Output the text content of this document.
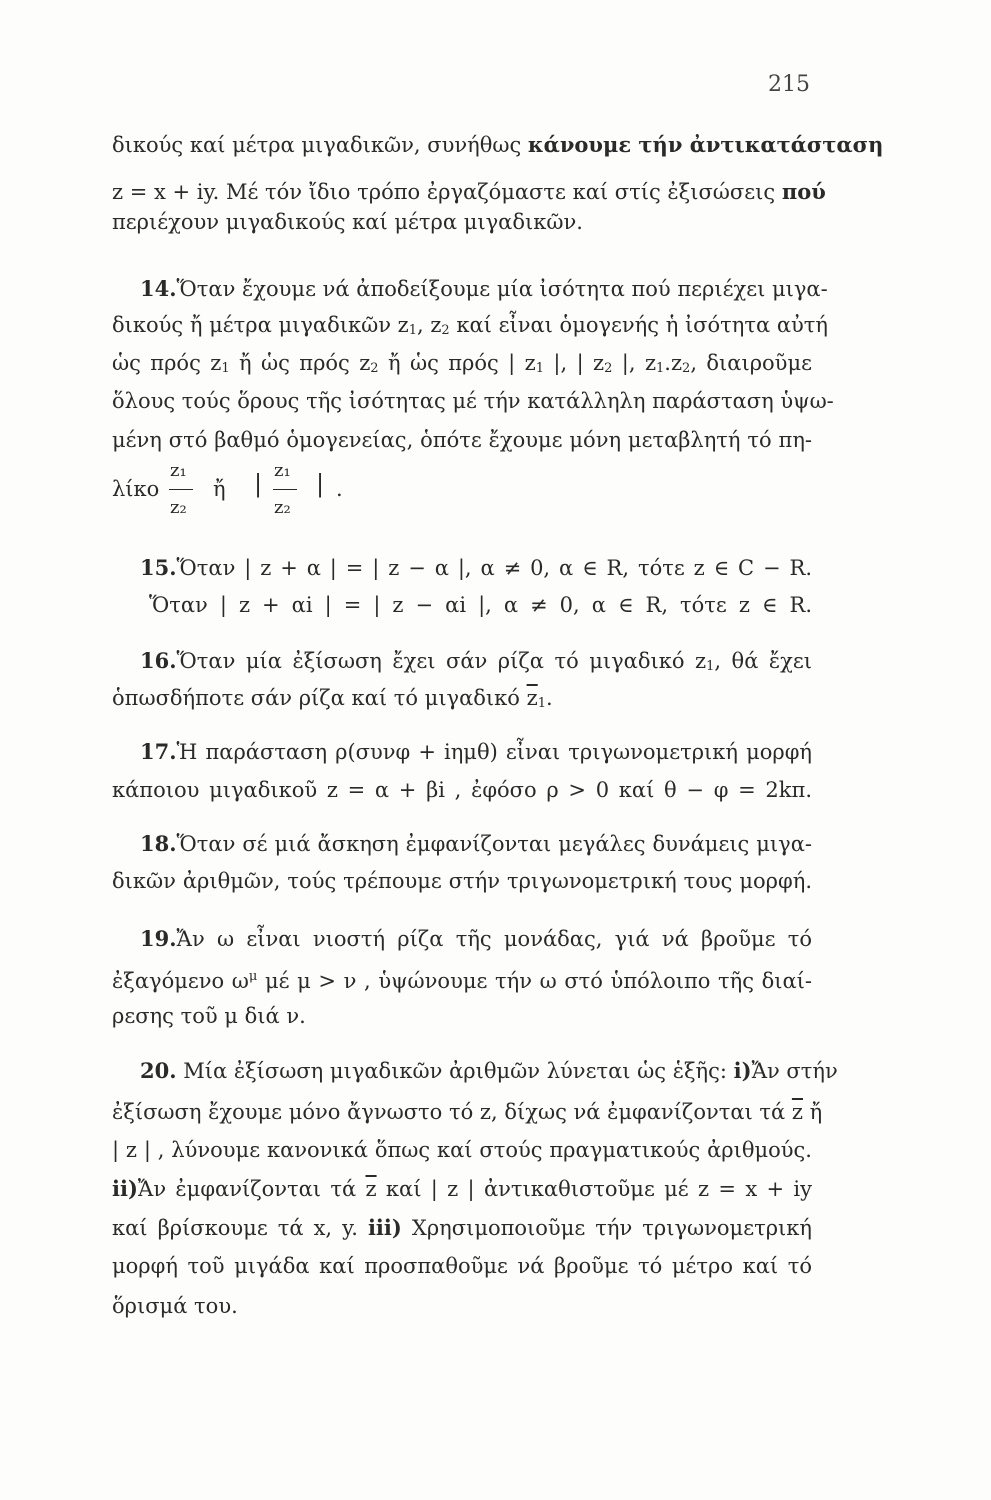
215
δικούς καί μέτρα μιγαδικῶν, συνήθως κάνουμε τήν ἀντικατάσταση
z = x + iy. Μέ τόν ἴδιο τρόπο ἐργαζόμαστε καί στίς ἐξισώσεις πού
περιέχουν μιγαδικούς καί μέτρα μιγαδικῶν.
14.Ὅταν ἔχουμε νά ἀποδείξουμε μία ἰσότητα πού περιέχει μιγα-
δικούς ἤ μέτρα μιγαδικῶν $z_1$, $z_2$ καί εἶναι ὁμογενής ἡ ἰσότητα αὐτή
ὡς πρός $z_1$ ἤ ὡς πρός $z_2$ ἤ ὡς πρός | $z_1$ |, | $z_2$ |, $z_1.z_2$, διαιροῦμε
ὅλους τούς ὅρους τῆς ἰσότητας μέ τήν κατάλληλη παράσταση ὑψω-
μένη στό βαθμό ὁμογενείας, ὁπότε ἔχουμε μόνη μεταβλητή τό πη-
λίκο
z₁
z₂
ἤ | z₁
z₂
| .
15.Ὅταν | z + α | = | z − α |, α ≠ 0, α ∈ R, τότε z ∈ C − R.
Ὅταν | z + αi | = | z − αi |, α ≠ 0, α ∈ R, τότε z ∈ R.
16.Ὅταν μία ἐξίσωση ἔχει σάν ρίζα τό μιγαδικό $z_1$, θά ἔχει
ὁπωσδήποτε σάν ρίζα καί τό μιγαδικό $\overline{z}_1$.
17.Ἡ παράσταση ρ(συνφ + iημθ) εἶναι τριγωνομετρική μορφή
κάποιου μιγαδικοῦ z = α + βi , ἐφόσο ρ > 0 καί θ − φ = 2kπ.
18.Ὅταν σέ μιά ἄσκηση ἐμφανίζονται μεγάλες δυνάμεις μιγα-
δικῶν ἀριθμῶν, τούς τρέπουμε στήν τριγωνομετρική τους μορφή.
19.Ἄν ω εἶναι νιοστή ρίζα τῆς μονάδας, γιά νά βροῦμε τό
ἐξαγόμενο $\omega^\mu$ μέ μ > ν , ὑψώνουμε τήν ω στό ὑπόλοιπο τῆς διαί-
ρεσης τοῦ μ διά ν.
20. Μία ἐξίσωση μιγαδικῶν ἀριθμῶν λύνεται ὡς ἑξῆς: i)Ἄν στήν
ἐξίσωση ἔχουμε μόνο ἄγνωστο τό z, δίχως νά ἐμφανίζονται τά $\overline{z}$ ἤ
| z | , λύνουμε κανονικά ὅπως καί στούς πραγματικούς ἀριθμούς.
ii)Ἄν ἐμφανίζονται τά $\overline{z}$ καί | z | ἀντικαθιστοῦμε μέ z = x + iy
καί βρίσκουμε τά x, y. iii) Χρησιμοποιοῦμε τήν τριγωνομετρική
μορφή τοῦ μιγάδα καί προσπαθοῦμε νά βροῦμε τό μέτρο καί τό
ὅρισμά του.
